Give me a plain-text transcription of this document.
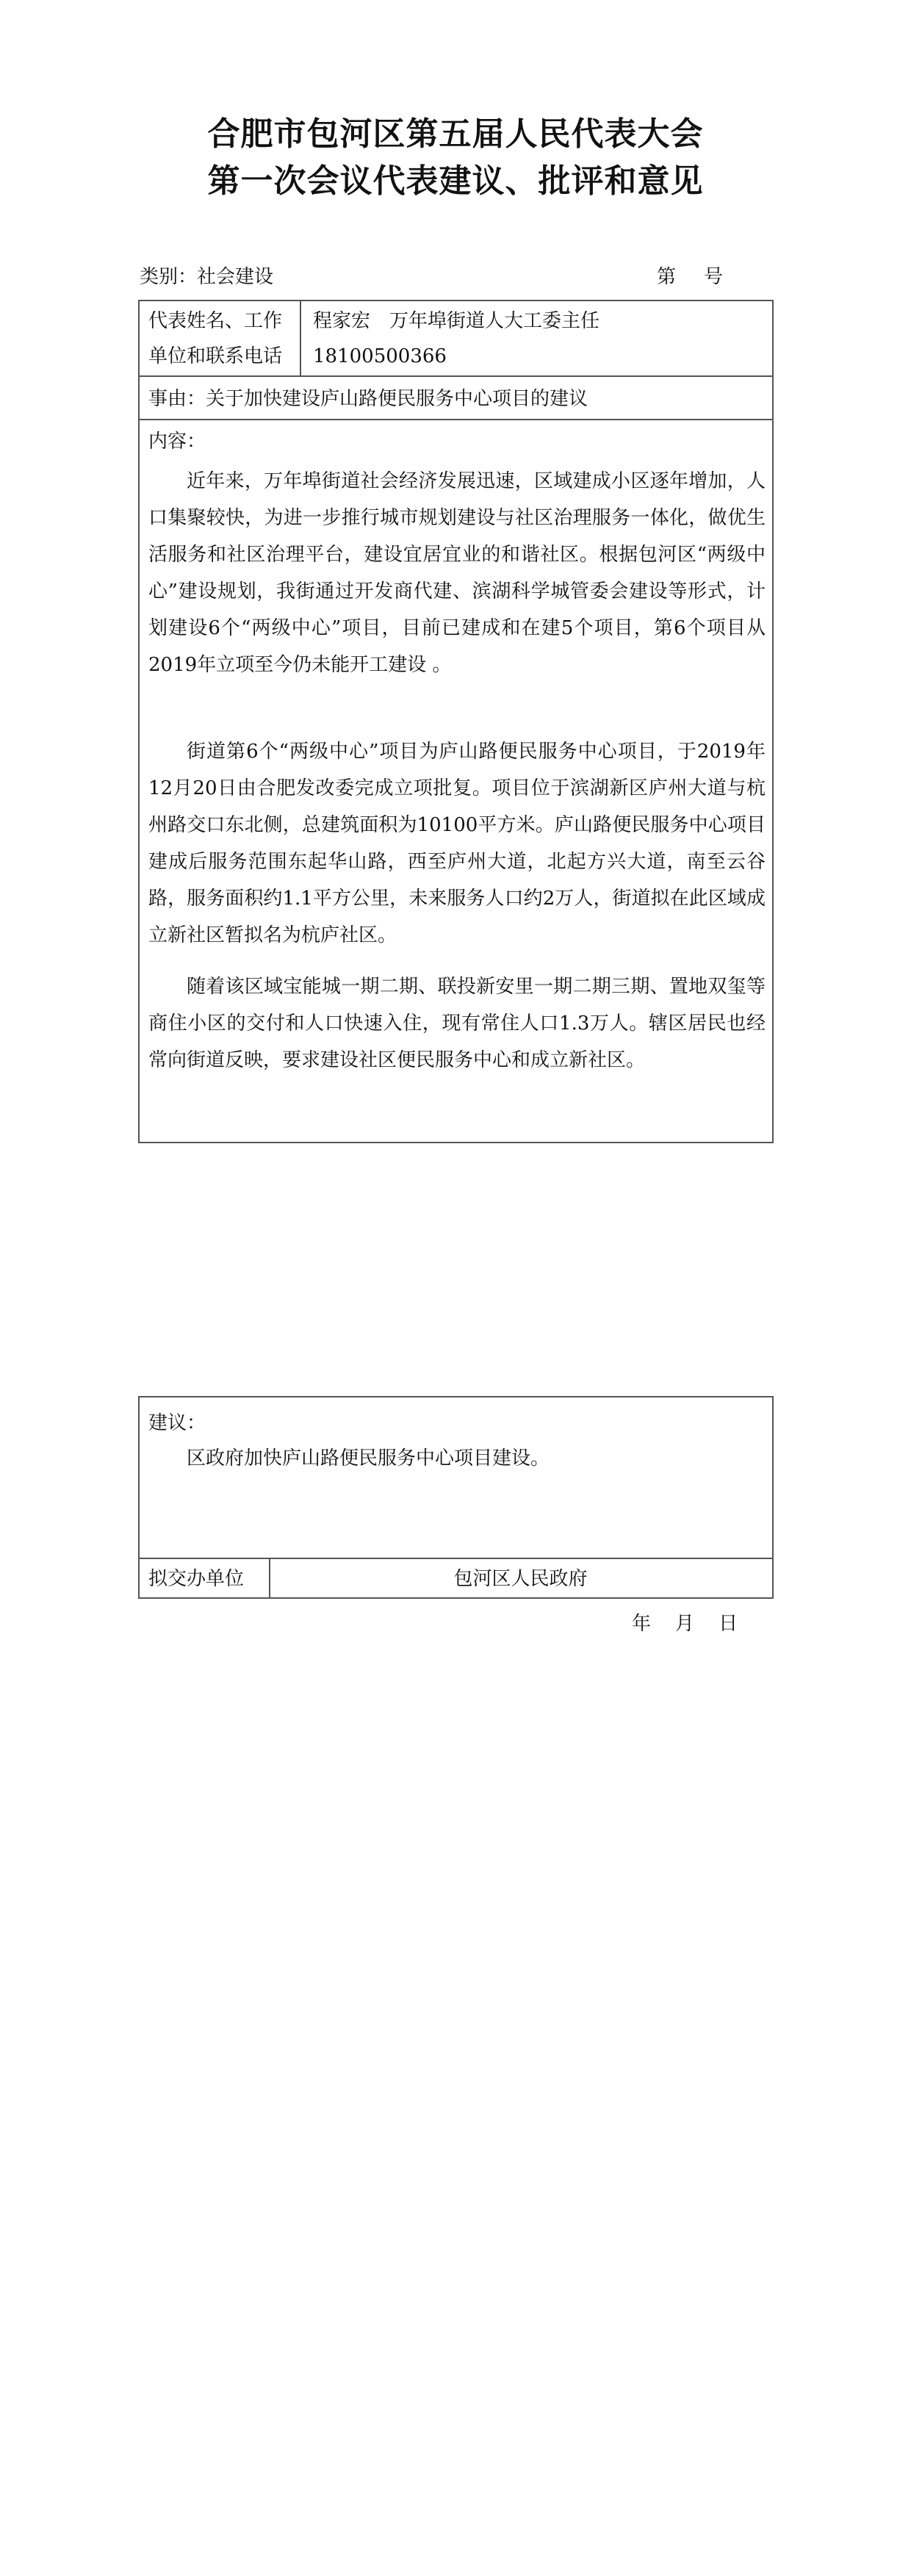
合肥市包河区第五届人民代表大会
第一次会议代表建议、批评和意见
类别：社会建设	第号
代表姓名、工作
单位和联系电话
程家宏　万年埠街道人大工委主任
18100500366
事由：关于加快建设庐山路便民服务中心项目的建议
内容：
近年来，万年埠街道社会经济发展迅速，区域建成小区逐年增加，人口集聚较快，为进一步推行城市规划建设与社区治理服务一体化，做优生活服务和社区治理平台，建设宜居宜业的和谐社区。根据包河区“两级中心”建设规划，我街通过开发商代建、滨湖科学城管委会建设等形式，计划建设6个“两级中心”项目，目前已建成和在建5个项目，第6个项目从2019年立项至今仍未能开工建设 。
街道第6个“两级中心”项目为庐山路便民服务中心项目，于2019年12月20日由合肥发改委完成立项批复。项目位于滨湖新区庐州大道与杭州路交口东北侧，总建筑面积为10100平方米。庐山路便民服务中心项目建成后服务范围东起华山路，西至庐州大道，北起方兴大道，南至云谷路，服务面积约1.1平方公里，未来服务人口约2万人，街道拟在此区域成立新社区暂拟名为杭庐社区。
随着该区域宝能城一期二期、联投新安里一期二期三期、置地双玺等商住小区的交付和人口快速入住，现有常住人口1.3万人。辖区居民也经常向街道反映，要求建设社区便民服务中心和成立新社区。
建议：
区政府加快庐山路便民服务中心项目建设。
拟交办单位	包河区人民政府
年    月    日
